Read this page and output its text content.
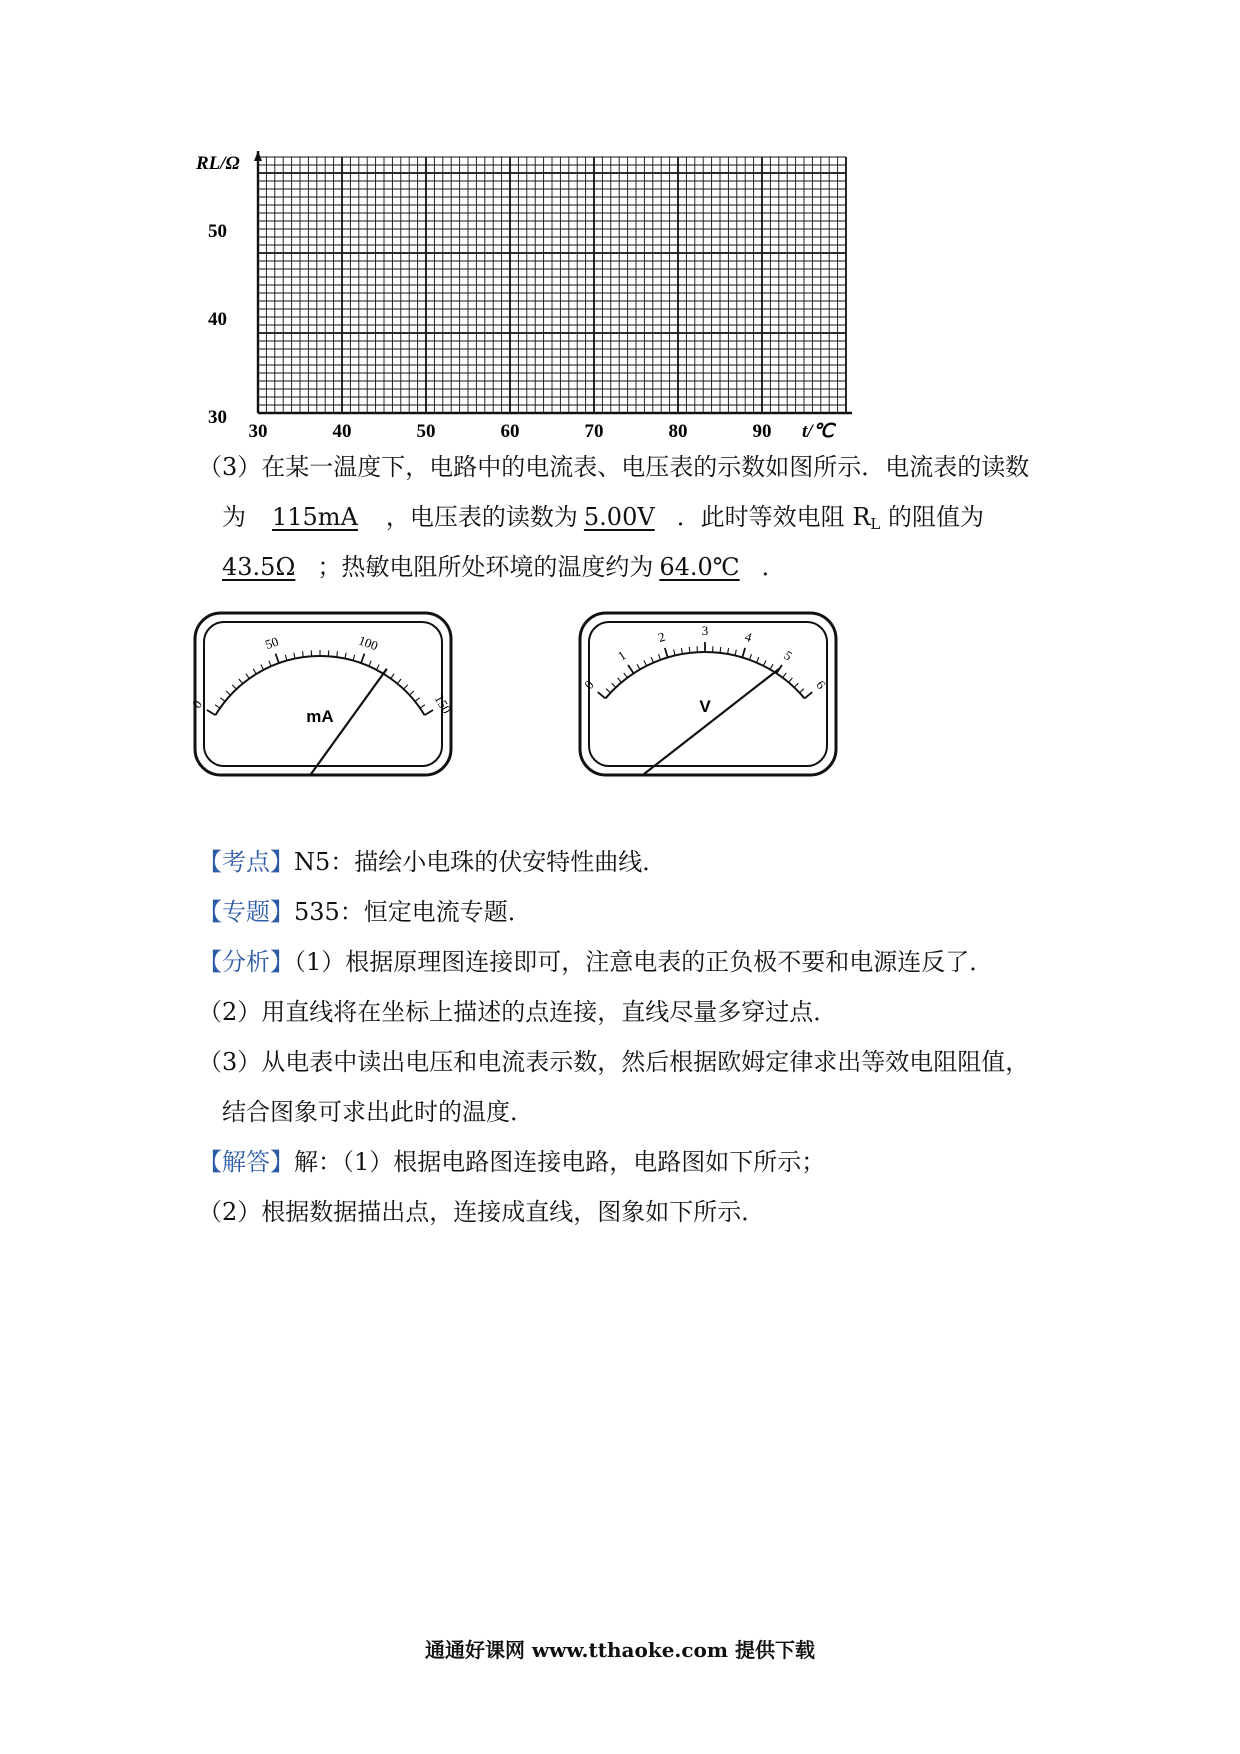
RL/Ω
50
40
30
30	40	50	60	70	80	90 t/℃
（3）在某一温度下，电路中的电流表、电压表的示数如图所示．电流表的读数
为 115mA ，电压表的读数为 5.00V ．此时等效电阻 RL 的阻值为
43.5Ω ；热敏电阻所处环境的温度约为 64.0℃ ．
0
50	100
150
mA
0
1
2	3	4
5
6
V
【考点】N5：描绘小电珠的伏安特性曲线．
【专题】535：恒定电流专题．
【分析】（1）根据原理图连接即可，注意电表的正负极不要和电源连反了．
（2）用直线将在坐标上描述的点连接，直线尽量多穿过点．
（3）从电表中读出电压和电流表示数，然后根据欧姆定律求出等效电阻阻值，
结合图象可求出此时的温度．
【解答】解：（1）根据电路图连接电路，电路图如下所示；
（2）根据数据描出点，连接成直线，图象如下所示．
通通好课网 www.tthaoke.com 提供下载
